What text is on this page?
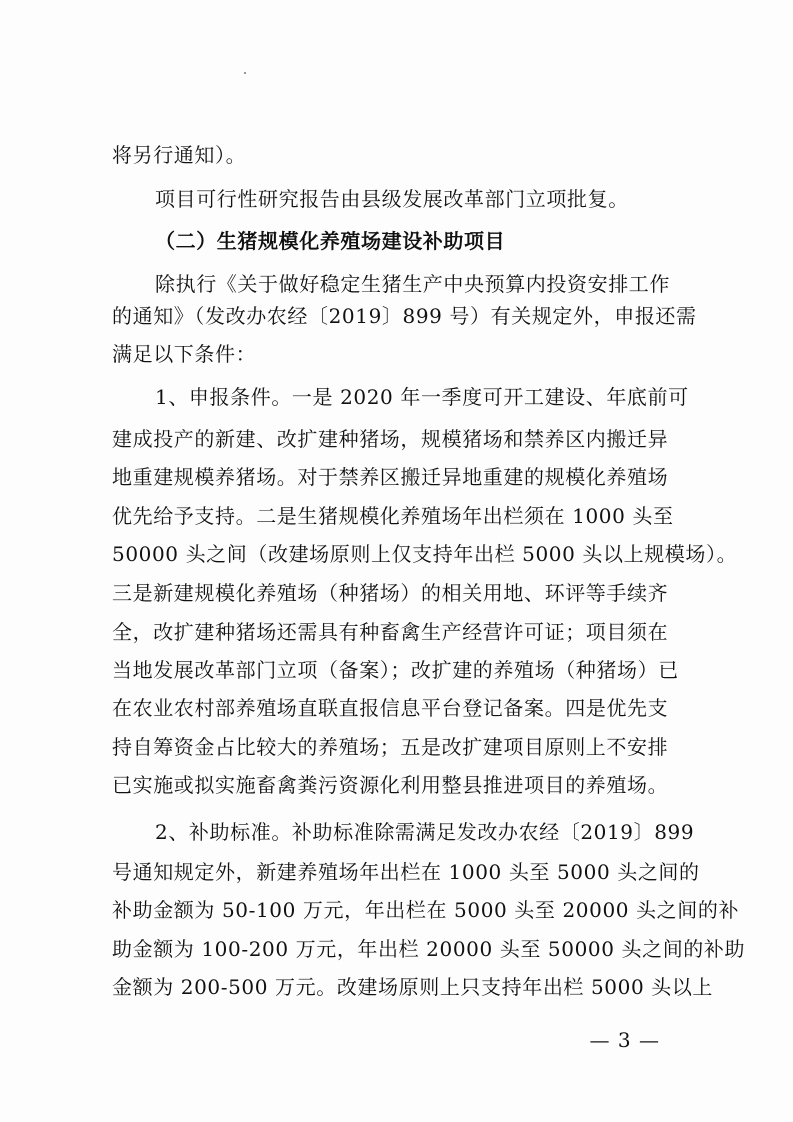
将另行通知）。
项目可行性研究报告由县级发展改革部门立项批复。
（二）生猪规模化养殖场建设补助项目
除执行《关于做好稳定生猪生产中央预算内投资安排工作
的通知》（发改办农经〔2019〕899 号）有关规定外，申报还需
满足以下条件：
1、申报条件。一是 2020 年一季度可开工建设、年底前可
建成投产的新建、改扩建种猪场，规模猪场和禁养区内搬迁异
地重建规模养猪场。对于禁养区搬迁异地重建的规模化养殖场
优先给予支持。二是生猪规模化养殖场年出栏须在 1000 头至
50000 头之间（改建场原则上仅支持年出栏 5000 头以上规模场）。
三是新建规模化养殖场（种猪场）的相关用地、环评等手续齐
全，改扩建种猪场还需具有种畜禽生产经营许可证；项目须在
当地发展改革部门立项（备案）；改扩建的养殖场（种猪场）已
在农业农村部养殖场直联直报信息平台登记备案。四是优先支
持自筹资金占比较大的养殖场；五是改扩建项目原则上不安排
已实施或拟实施畜禽粪污资源化利用整县推进项目的养殖场。
2、补助标准。补助标准除需满足发改办农经〔2019〕899
号通知规定外，新建养殖场年出栏在 1000 头至 5000 头之间的
补助金额为 50-100 万元，年出栏在 5000 头至 20000 头之间的补
助金额为 100-200 万元，年出栏 20000 头至 50000 头之间的补助
金额为 200-500 万元。改建场原则上只支持年出栏 5000 头以上
— 3 —
